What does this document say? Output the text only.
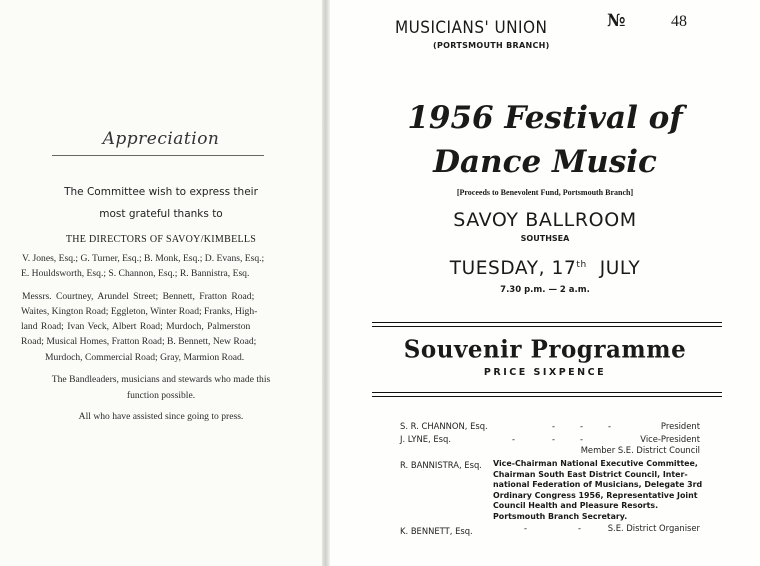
Appreciation
The Committee wish to express their
most grateful thanks to
THE DIRECTORS OF SAVOY/KIMBELLS
V. Jones, Esq.; G. Turner, Esq.; B. Monk, Esq.; D. Evans, Esq.;
E. Houldsworth, Esq.; S. Channon, Esq.; R. Bannistra, Esq.
Messrs. Courtney, Arundel Street; Bennett, Fratton Road;
Waites, Kington Road; Eggleton, Winter Road; Franks, High-
land Road; Ivan Veck, Albert Road; Murdoch, Palmerston
Road; Musical Homes, Fratton Road; B. Bennett, New Road;
Murdoch, Commercial Road; Gray, Marmion Road.
The Bandleaders, musicians and stewards who made this
function possible.
All who have assisted since going to press.
MUSICIANS' UNION
(PORTSMOUTH BRANCH)
№	48
1956 Festival of
Dance Music
[Proceeds to Benevolent Fund, Portsmouth Branch]
SAVOY BALLROOM
SOUTHSEA
TUESDAY, 17th JULY
7.30 p.m. — 2 a.m.
Souvenir Programme
PRICE SIXPENCE
S. R. CHANNON, Esq.	-	-	-	President
J. LYNE, Esq.	-	-	-	Vice-President
Member S.E. District Council
R. BANNISTRA, Esq. Vice-Chairman National Executive Committee,
Chairman South East District Council, Inter-
national Federation of Musicians, Delegate 3rd
Ordinary Congress 1956, Representative Joint
Council Health and Pleasure Resorts.
Portsmouth Branch Secretary.
K. BENNETT, Esq.	-	-	S.E. District Organiser
